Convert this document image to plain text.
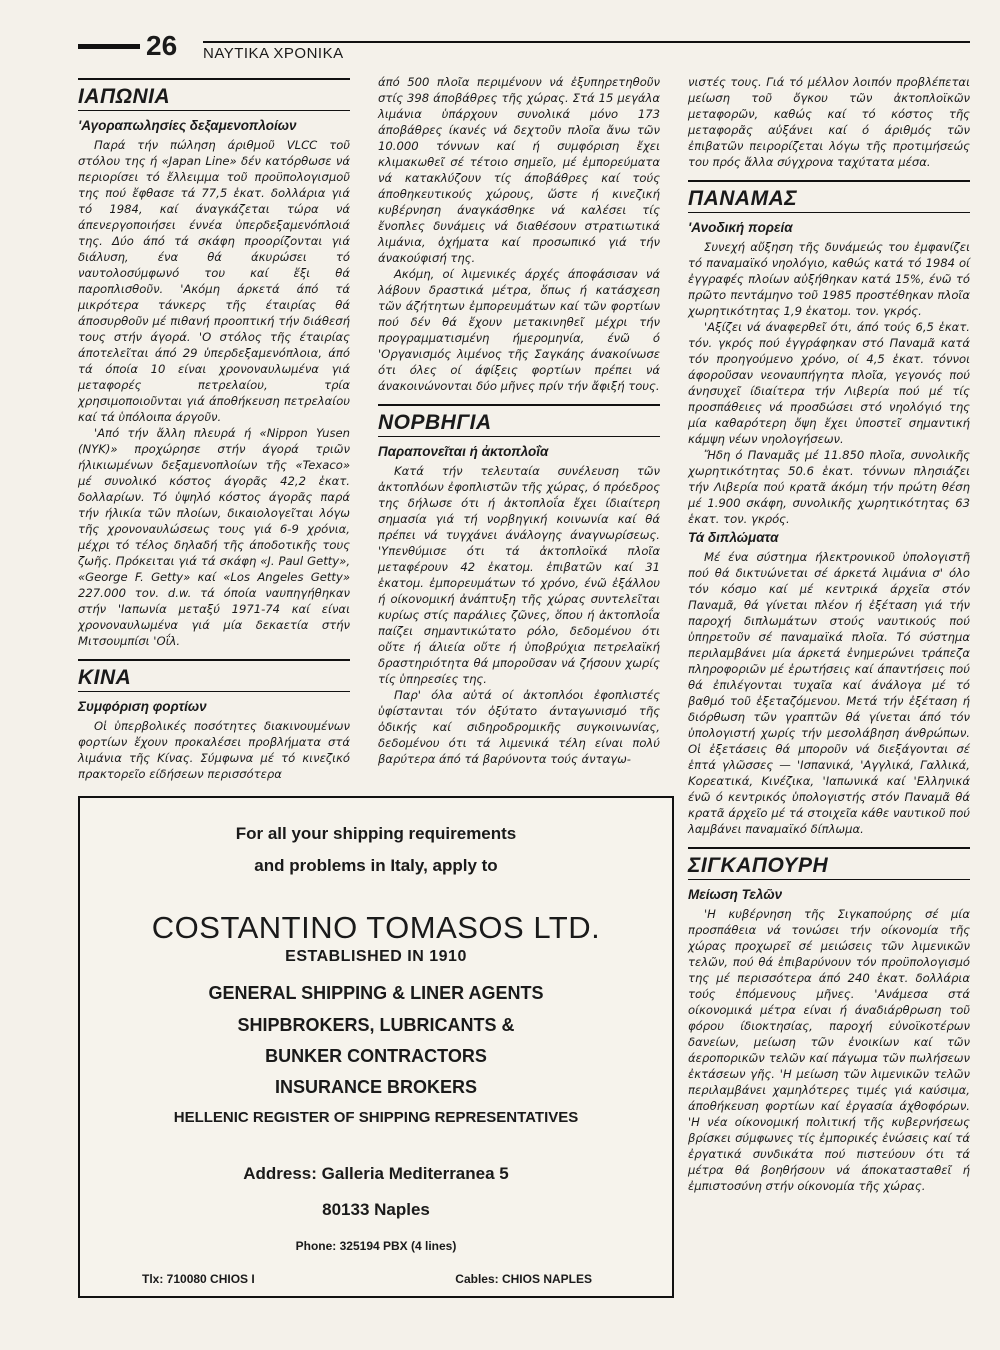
26 ΝΑΥΤΙΚΑ ΧΡΟΝΙΚΑ
ΙΑΠΩΝΙΑ
'Αγοραπωλησίες δεξαμενοπλοίων

Παρά τήν πώληση άριθμοῦ VLCC τοῦ στόλου της ή «Japan Line» δέν κατόρθωσε νά περιορίσει τό ἔλλειμμα τοῦ προϋπολογισμοῦ της πού ἔφθασε τά 77,5 ἑκατ. δολλάρια γιά τό 1984, καί άναγκάζεται τώρα νά άπενεργοποιήσει έννέα ὑπερδεξαμενόπλοιά της. Δύο άπό τά σκάφη προορίζονται γιά διάλυση, ένα θά άκυρώσει τό ναυτολοσύμφωνό του καί ἔξι θά παροπλισθοῦν. 'Ακόμη άρκετά άπό τά μικρότερα τάνκερς τῆς έταιρίας θά άποσυρθοῦν μέ πιθανή προοπτική τήν διάθεσή τους στήν άγορά. 'Ο στόλος τῆς έταιρίας άποτελεῖται άπό 29 ὑπερδεξαμενόπλοια, άπό τά όποία 10 είναι χρονοναυλωμένα γιά μεταφορές πετρελαίου, τρία χρησιμοποιοῦνται γιά άποθήκευση πετρελαίου καί τά ὑπόλοιπα άργοῦν.

'Από τήν ἄλλη πλευρά ή «Nippon Yusen (NYK)» προχώρησε στήν άγορά τριῶν ήλικιωμένων δεξαμενοπλοίων τῆς «Texaco» μέ συνολικό κόστος άγορᾶς 42,2 ἑκατ. δολλαρίων. Τό ὑψηλό κόστος άγορᾶς παρά τήν ήλικία τῶν πλοίων, δικαιολογεῖται λόγω τῆς χρονοναυλώσεως τους γιά 6-9 χρόνια, μέχρι τό τέλος δηλαδή τῆς άποδοτικῆς τους ζωῆς. Πρόκειται γιά τά σκάφη «J. Paul Getty», «George F. Getty» καί «Los Angeles Getty» 227.000 τον. d.w. τά όποία ναυπηγήθηκαν στήν 'Ιαπωνία μεταξύ 1971-74 καί είναι χρονοναυλωμένα γιά μία δεκαετία στήν Μιτσουμπίσι 'Οΐλ.

ΚΙΝΑ
Συμφόριση φορτίων

Οἱ ὑπερβολικές ποσότητες διακινουμένων φορτίων ἔχουν προκαλέσει προβλήματα στά λιμάνια τῆς Κίνας. Σύμφωνα μέ τό κινεζικό πρακτορεῖο είδήσεων περισσότερα

άπό 500 πλοῖα περιμένουν νά ἐξυπηρετηθοῦν στίς 398 άποβάθρες τῆς χώρας. Στά 15 μεγάλα λιμάνια ὑπάρχουν συνολικά μόνο 173 άποβάθρες ίκανές νά δεχτοῦν πλοῖα ἄνω τῶν 10.000 τόννων καί ή συμφόριση ἔχει κλιμακωθεῖ σέ τέτοιο σημεῖο, μέ ἐμπορεύματα νά κατακλύζουν τίς άποβάθρες καί τούς άποθηκευτικούς χώρους, ὥστε ή κινεζική κυβέρνηση άναγκάσθηκε νά καλέσει τίς ἔνοπλες δυνάμεις νά διαθέσουν στρατιωτικά λιμάνια, ὀχήματα καί προσωπικό γιά τήν άνακούφισή της.

Ακόμη, οί λιμενικές άρχές άποφάσισαν νά λάβουν δραστικά μέτρα, ὅπως ή κατάσχεση τῶν άζήτητων ἐμπορευμάτων καί τῶν φορτίων πού δέν θά ἔχουν μετακινηθεῖ μέχρι τήν προγραμματισμένη ήμερομηνία, ένῶ ό 'Οργανισμός λιμένος τῆς Σαγκάης άνακοίνωσε ότι όλες οί άφίξεις φορτίων πρέπει νά άνακοινώνονται δύο μῆνες πρίν τήν ἄφιξή τους.

ΝΟΡΒΗΓΙΑ
Παραπονεῖται ή ἀκτοπλοΐα

Κατά τήν τελευταία συνέλευση τῶν ἀκτοπλόων ἐφοπλιστῶν τῆς χώρας, ό πρόεδρος της δήλωσε ότι ή ἀκτοπλοΐα ἔχει ίδιαίτερη σημασία γιά τή νορβηγική κοινωνία καί θά πρέπει νά τυγχάνει άνάλογης άναγνωρίσεως. 'Υπενθύμισε ότι τά ἀκτοπλοϊκά πλοῖα μεταφέρουν 42 ἑκατομ. ἐπιβατῶν καί 31 ἑκατομ. ἐμπορευμάτων τό χρόνο, ένῶ ἐξάλλου ή οίκονομική ἀνάπτυξη τῆς χώρας συντελεῖται κυρίως στίς παράλιες ζῶνες, ὅπου ή ἀκτοπλοΐα παίζει σημαντικώτατο ρόλο, δεδομένου ότι οὔτε ή άλιεία οὔτε ή ὑποβρύχια πετρελαϊκή δραστηριότητα θά μποροῦσαν νά ζήσουν χωρίς τίς ὑπηρεσίες της.

Παρ' όλα αὐτά οί ἀκτοπλόοι ἐφοπλιστές ὑφίστανται τόν ὀξύτατο άνταγωνισμό τῆς ὀδικής καί σιδηροδρομικῆς συγκοινωνίας, δεδομένου ότι τά λιμενικά τέλη είναι πολύ βαρύτερα άπό τά βαρύνοντα τούς άνταγω-

νιστές τους. Γιά τό μέλλον λοιπόν προβλέπεται μείωση τοῦ ὄγκου τῶν ἀκτοπλοϊκῶν μεταφορῶν, καθώς καί τό κόστος τῆς μεταφορᾶς αὐξάνει καί ό άριθμός τῶν ἐπιβατῶν πειρορίζεται λόγω τῆς προτιμήσεώς του πρός ἄλλα σύγχρονα ταχύτατα μέσα.

ΠΑΝΑΜΑΣ
'Ανοδική πορεία

Συνεχή αὔξηση τῆς δυνάμεώς του ἐμφανίζει τό παναμαϊκό νηολόγιο, καθώς κατά τό 1984 οί ἐγγραφές πλοίων αὐξήθηκαν κατά 15%, ένῶ τό πρῶτο πεντάμηνο τοῦ 1985 προστέθηκαν πλοῖα χωρητικότητας 1,9 ἑκατομ. τον. γκρός.

'Αξίζει νά άναφερθεῖ ότι, άπό τούς 6,5 ἑκατ. τόν. γκρός πού ἐγγράφηκαν στό Παναμᾶ κατά τόν προηγούμενο χρόνο, οί 4,5 ἑκατ. τόννοι άφοροῦσαν νεοναυπήγητα πλοῖα, γεγονός πού άνησυχεῖ ίδιαίτερα τήν Λιβερία πού μέ τίς προσπάθειες νά προσδώσει στό νηολόγιό της μία καθαρότερη ὄψη ἔχει ὑποστεῖ σημαντική κάμψη νέων νηολογήσεων.

Ἤδη ό Παναμᾶς μέ 11.850 πλοῖα, συνολικῆς χωρητικότητας 50.6 ἑκατ. τόννων πλησιάζει τήν Λιβερία πού κρατᾶ άκόμη τήν πρώτη θέση μέ 1.900 σκάφη, συνολικῆς χωρητικότητας 63 ἑκατ. τον. γκρός.

Τά διπλώματα

Μέ ένα σύστημα ήλεκτρονικοῦ ὑπολογιστῆ πού θά δικτυώνεται σέ άρκετά λιμάνια σ' όλο τόν κόσμο καί μέ κεντρικά άρχεῖα στόν Παναμᾶ, θά γίνεται πλέον ή ἐξέταση γιά τήν παροχή διπλωμάτων στούς ναυτικούς πού ὑπηρετοῦν σέ παναμαϊκά πλοῖα. Τό σύστημα περιλαμβάνει μία άρκετά ἐνημερώνει τράπεζα πληροφοριῶν μέ ἐρωτήσεις καί άπαντήσεις πού θά ἐπιλέγονται τυχαῖα καί άνάλογα μέ τό βαθμό τοῦ ἐξεταζόμενου. Μετά τήν ἐξέταση ή διόρθωση τῶν γραπτῶν θά γίνεται άπό τόν ὑπολογιστή χωρίς τήν μεσολάβηση άνθρώπων. Οἱ ἐξετάσεις θά μποροῦν νά διεξάγονται σέ ἑπτά γλῶσσες — 'Ισπανικά, 'Αγγλικά, Γαλλικά, Κορεατικά, Κινέζικα, 'Ιαπωνικά καί 'Ελληνικά ένῶ ό κεντρικός ὑπολογιστής στόν Παναμᾶ θά κρατᾶ άρχεῖο μέ τά στοιχεῖα κάθε ναυτικοῦ πού λαμβάνει παναμαϊκό δίπλωμα.

ΣΙΓΚΑΠΟΥΡΗ
Μείωση Τελῶν

'Η κυβέρνηση τῆς Σιγκαπούρης σέ μία προσπάθεια νά τονώσει τήν οίκονομία τῆς χώρας προχωρεῖ σέ μειώσεις τῶν λιμενικῶν τελῶν, πού θά ἐπιβαρύνουν τόν προϋπολογισμό της μέ περισσότερα άπό 240 ἑκατ. δολλάρια τούς ἑπόμενους μῆνες. 'Ανάμεσα στά οίκονομικά μέτρα είναι ή άναδιάρθρωση τοῦ φόρου ίδιοκτησίας, παροχή εὐνοϊκοτέρων δανείων, μείωση τῶν ἐνοικίων καί τῶν άεροπορικῶν τελῶν καί πάγωμα τῶν πωλήσεων ἐκτάσεων γῆς. 'Η μείωση τῶν λιμενικῶν τελῶν περιλαμβάνει χαμηλότερες τιμές γιά καύσιμα, άποθήκευση φορτίων καί ἐργασία άχθοφόρων. 'Η νέα οίκονομική πολιτική τῆς κυβερνήσεως βρίσκει σύμφωνες τίς ἐμπορικές ἐνώσεις καί τά ἐργατικά συνδικάτα πού πιστεύουν ότι τά μέτρα θά βοηθήσουν νά άποκατασταθεῖ ή ἐμπιστοσύνη στήν οίκονομία τῆς χώρας.

For all your shipping requirements
and problems in Italy, apply to
COSTANTINO TOMASOS LTD.
ESTABLISHED IN 1910
GENERAL SHIPPING & LINER AGENTS
SHIPBROKERS, LUBRICANTS &
BUNKER CONTRACTORS
INSURANCE BROKERS
HELLENIC REGISTER OF SHIPPING REPRESENTATIVES
Address: Galleria Mediterranea 5
80133 Naples
Phone: 325194 PBX (4 lines)
Tlx: 710080 CHIOS I	Cables: CHIOS NAPLES
